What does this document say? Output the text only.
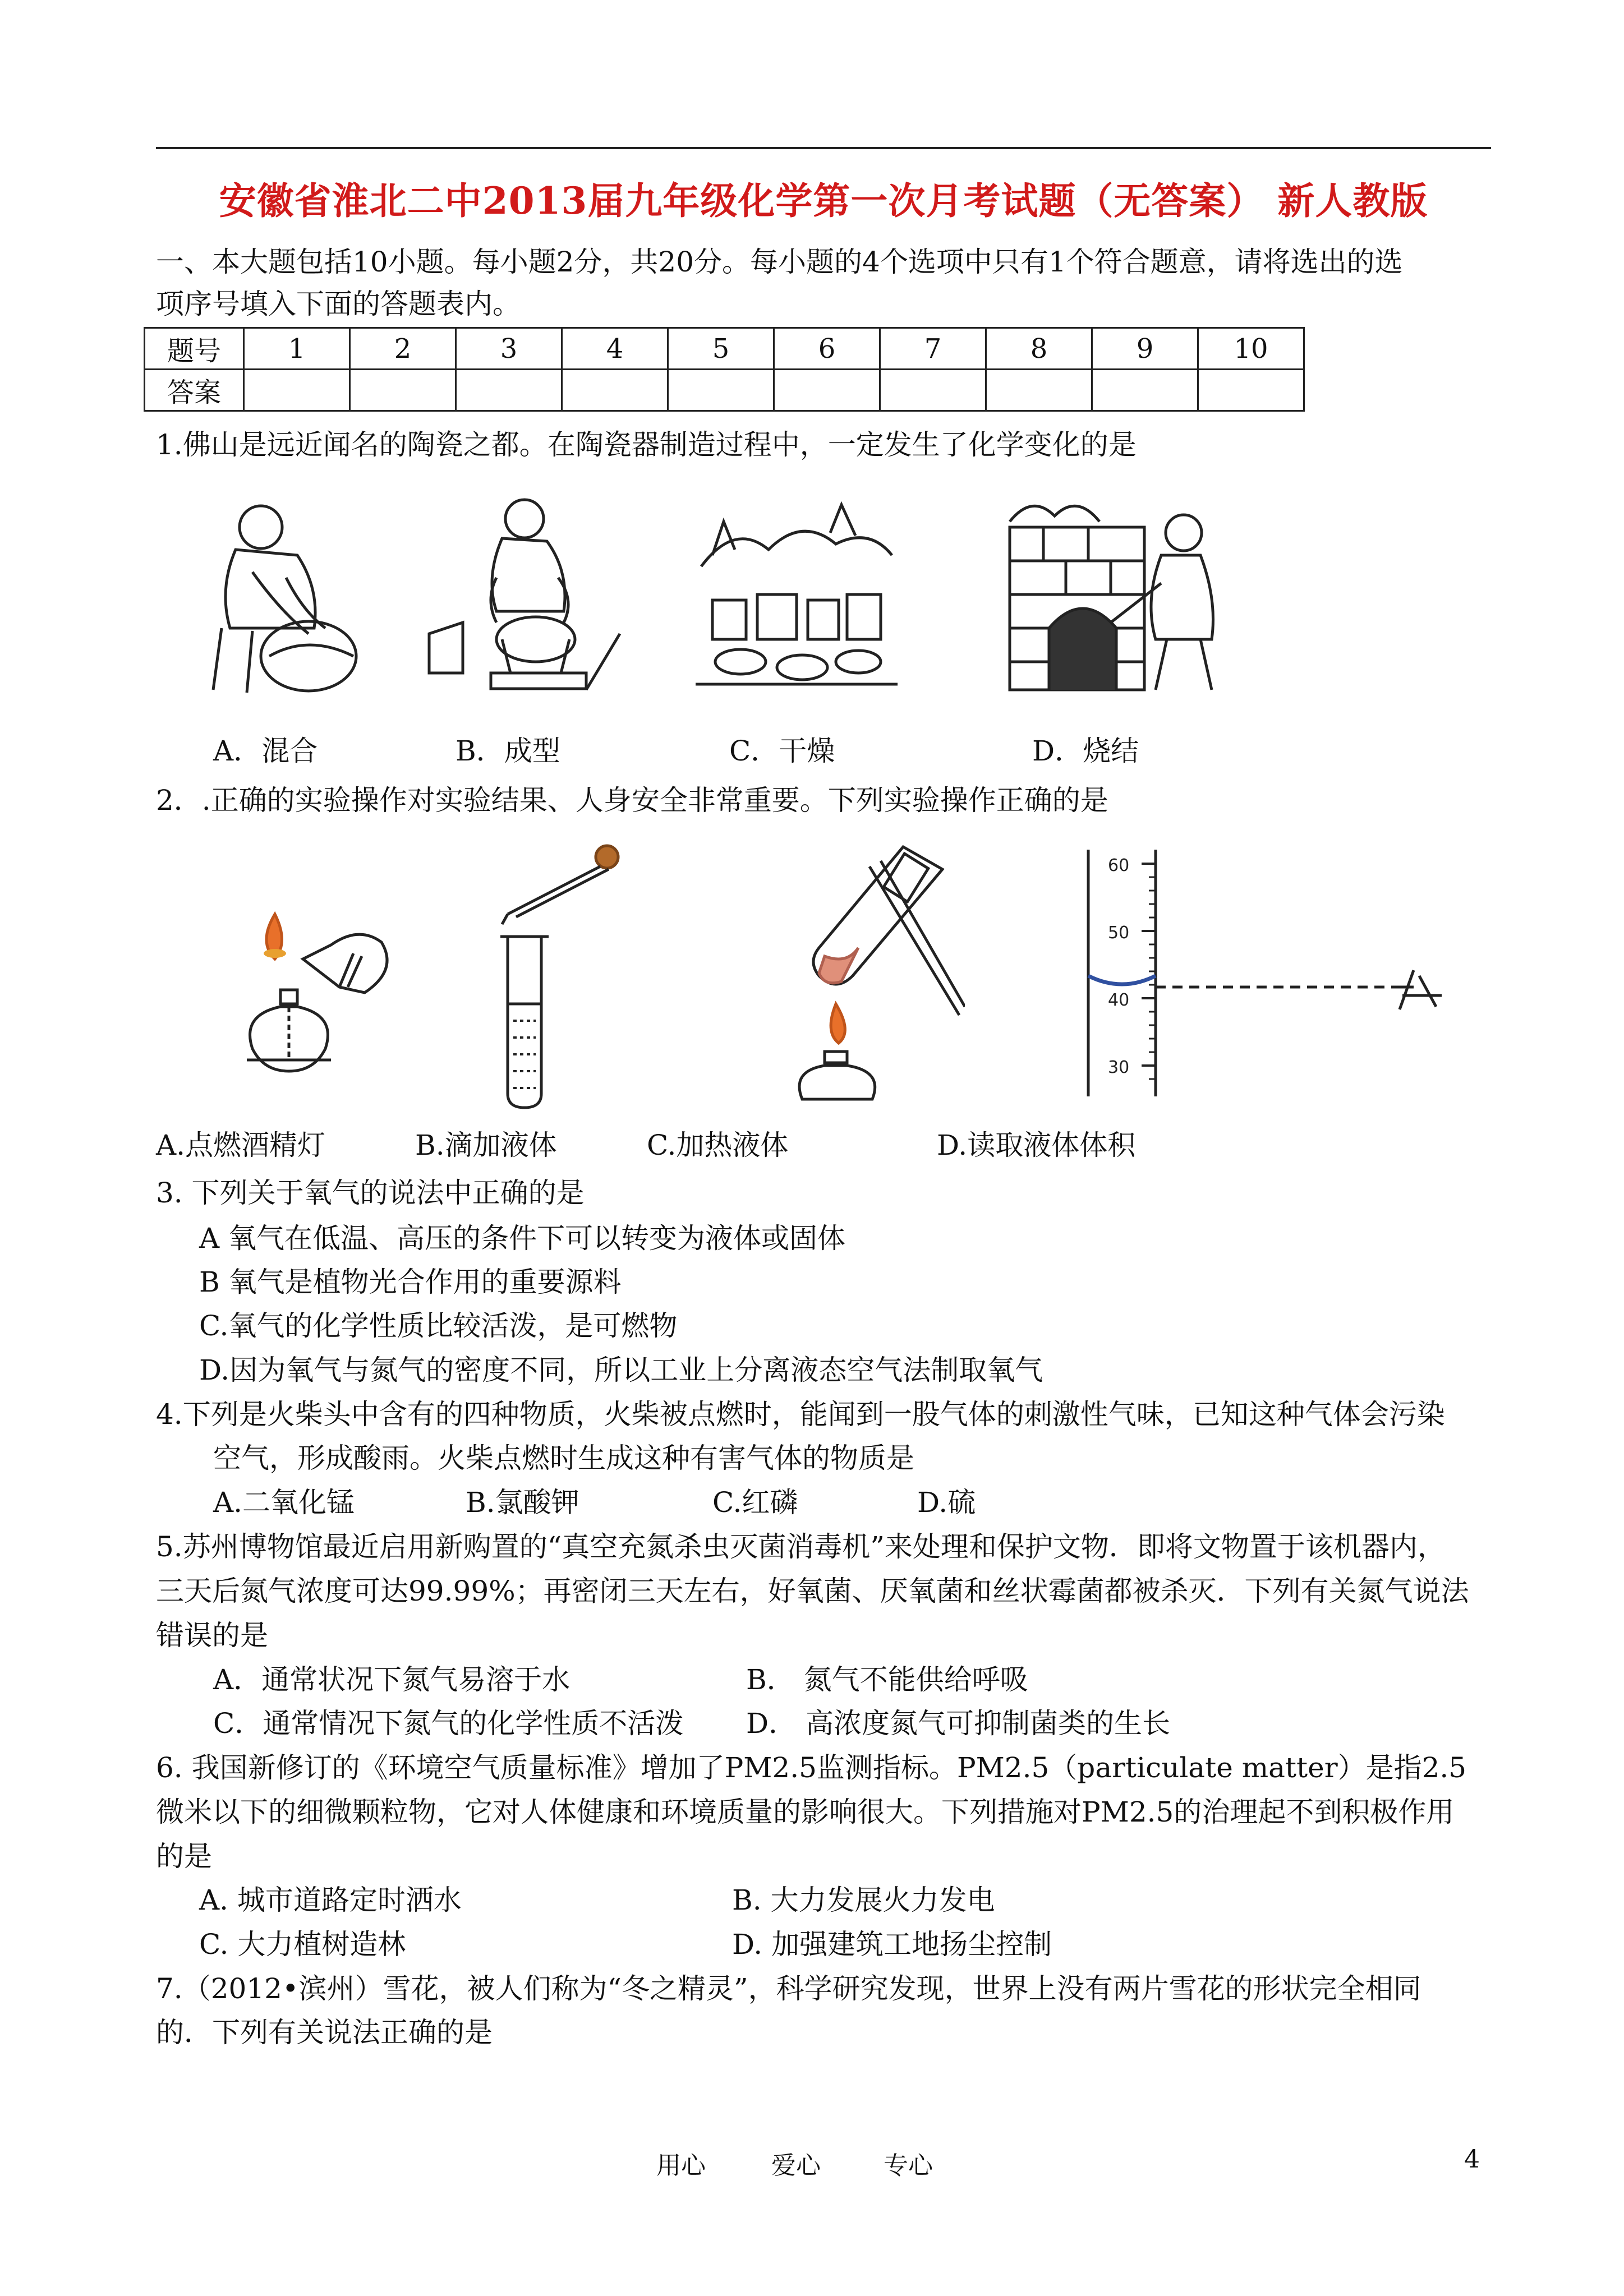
安徽省淮北二中2013届九年级化学第一次月考试题（无答案） 新人教版
一、本大题包括10小题。每小题2分，共20分。每小题的4个选项中只有1个符合题意，请将选出的选
项序号填入下面的答题表内。
题号	1	2	3	4	5	6	7	8	9	10
答案										
1.佛山是远近闻名的陶瓷之都。在陶瓷器制造过程中，一定发生了化学变化的是
A．混合	B．成型	C．干燥	D．烧结
2．.正确的实验操作对实验结果、人身安全非常重要。下列实验操作正确的是
60
50
40
30
A.点燃酒精灯	B.滴加液体	C.加热液体	D.读取液体体积
3. 下列关于氧气的说法中正确的是
A 氧气在低温、高压的条件下可以转变为液体或固体
B 氧气是植物光合作用的重要源料
C.氧气的化学性质比较活泼，是可燃物
D.因为氧气与氮气的密度不同，所以工业上分离液态空气法制取氧气
4.下列是火柴头中含有的四种物质，火柴被点燃时，能闻到一股气体的刺激性气味，已知这种气体会污染
空气，形成酸雨。火柴点燃时生成这种有害气体的物质是
A.二氧化锰	B.氯酸钾	C.红磷	D.硫
5.苏州博物馆最近启用新购置的“真空充氮杀虫灭菌消毒机”来处理和保护文物．即将文物置于该机器内，
三天后氮气浓度可达99.99%；再密闭三天左右，好氧菌、厌氧菌和丝状霉菌都被杀灭．下列有关氮气说法
错误的是
A．通常状况下氮气易溶于水	B． 氮气不能供给呼吸
C．通常情况下氮气的化学性质不活泼 D． 高浓度氮气可抑制菌类的生长
6. 我国新修订的《环境空气质量标准》增加了PM2.5监测指标。PM2.5（particulate matter）是指2.5
微米以下的细微颗粒物，它对人体健康和环境质量的影响很大。下列措施对PM2.5的治理起不到积极作用
的是
A. 城市道路定时洒水	B. 大力发展火力发电
C. 大力植树造林	D. 加强建筑工地扬尘控制
7.（2012•滨州）雪花，被人们称为“冬之精灵”，科学研究发现，世界上没有两片雪花的形状完全相同
的．下列有关说法正确的是
用心	爱心	专心	4
